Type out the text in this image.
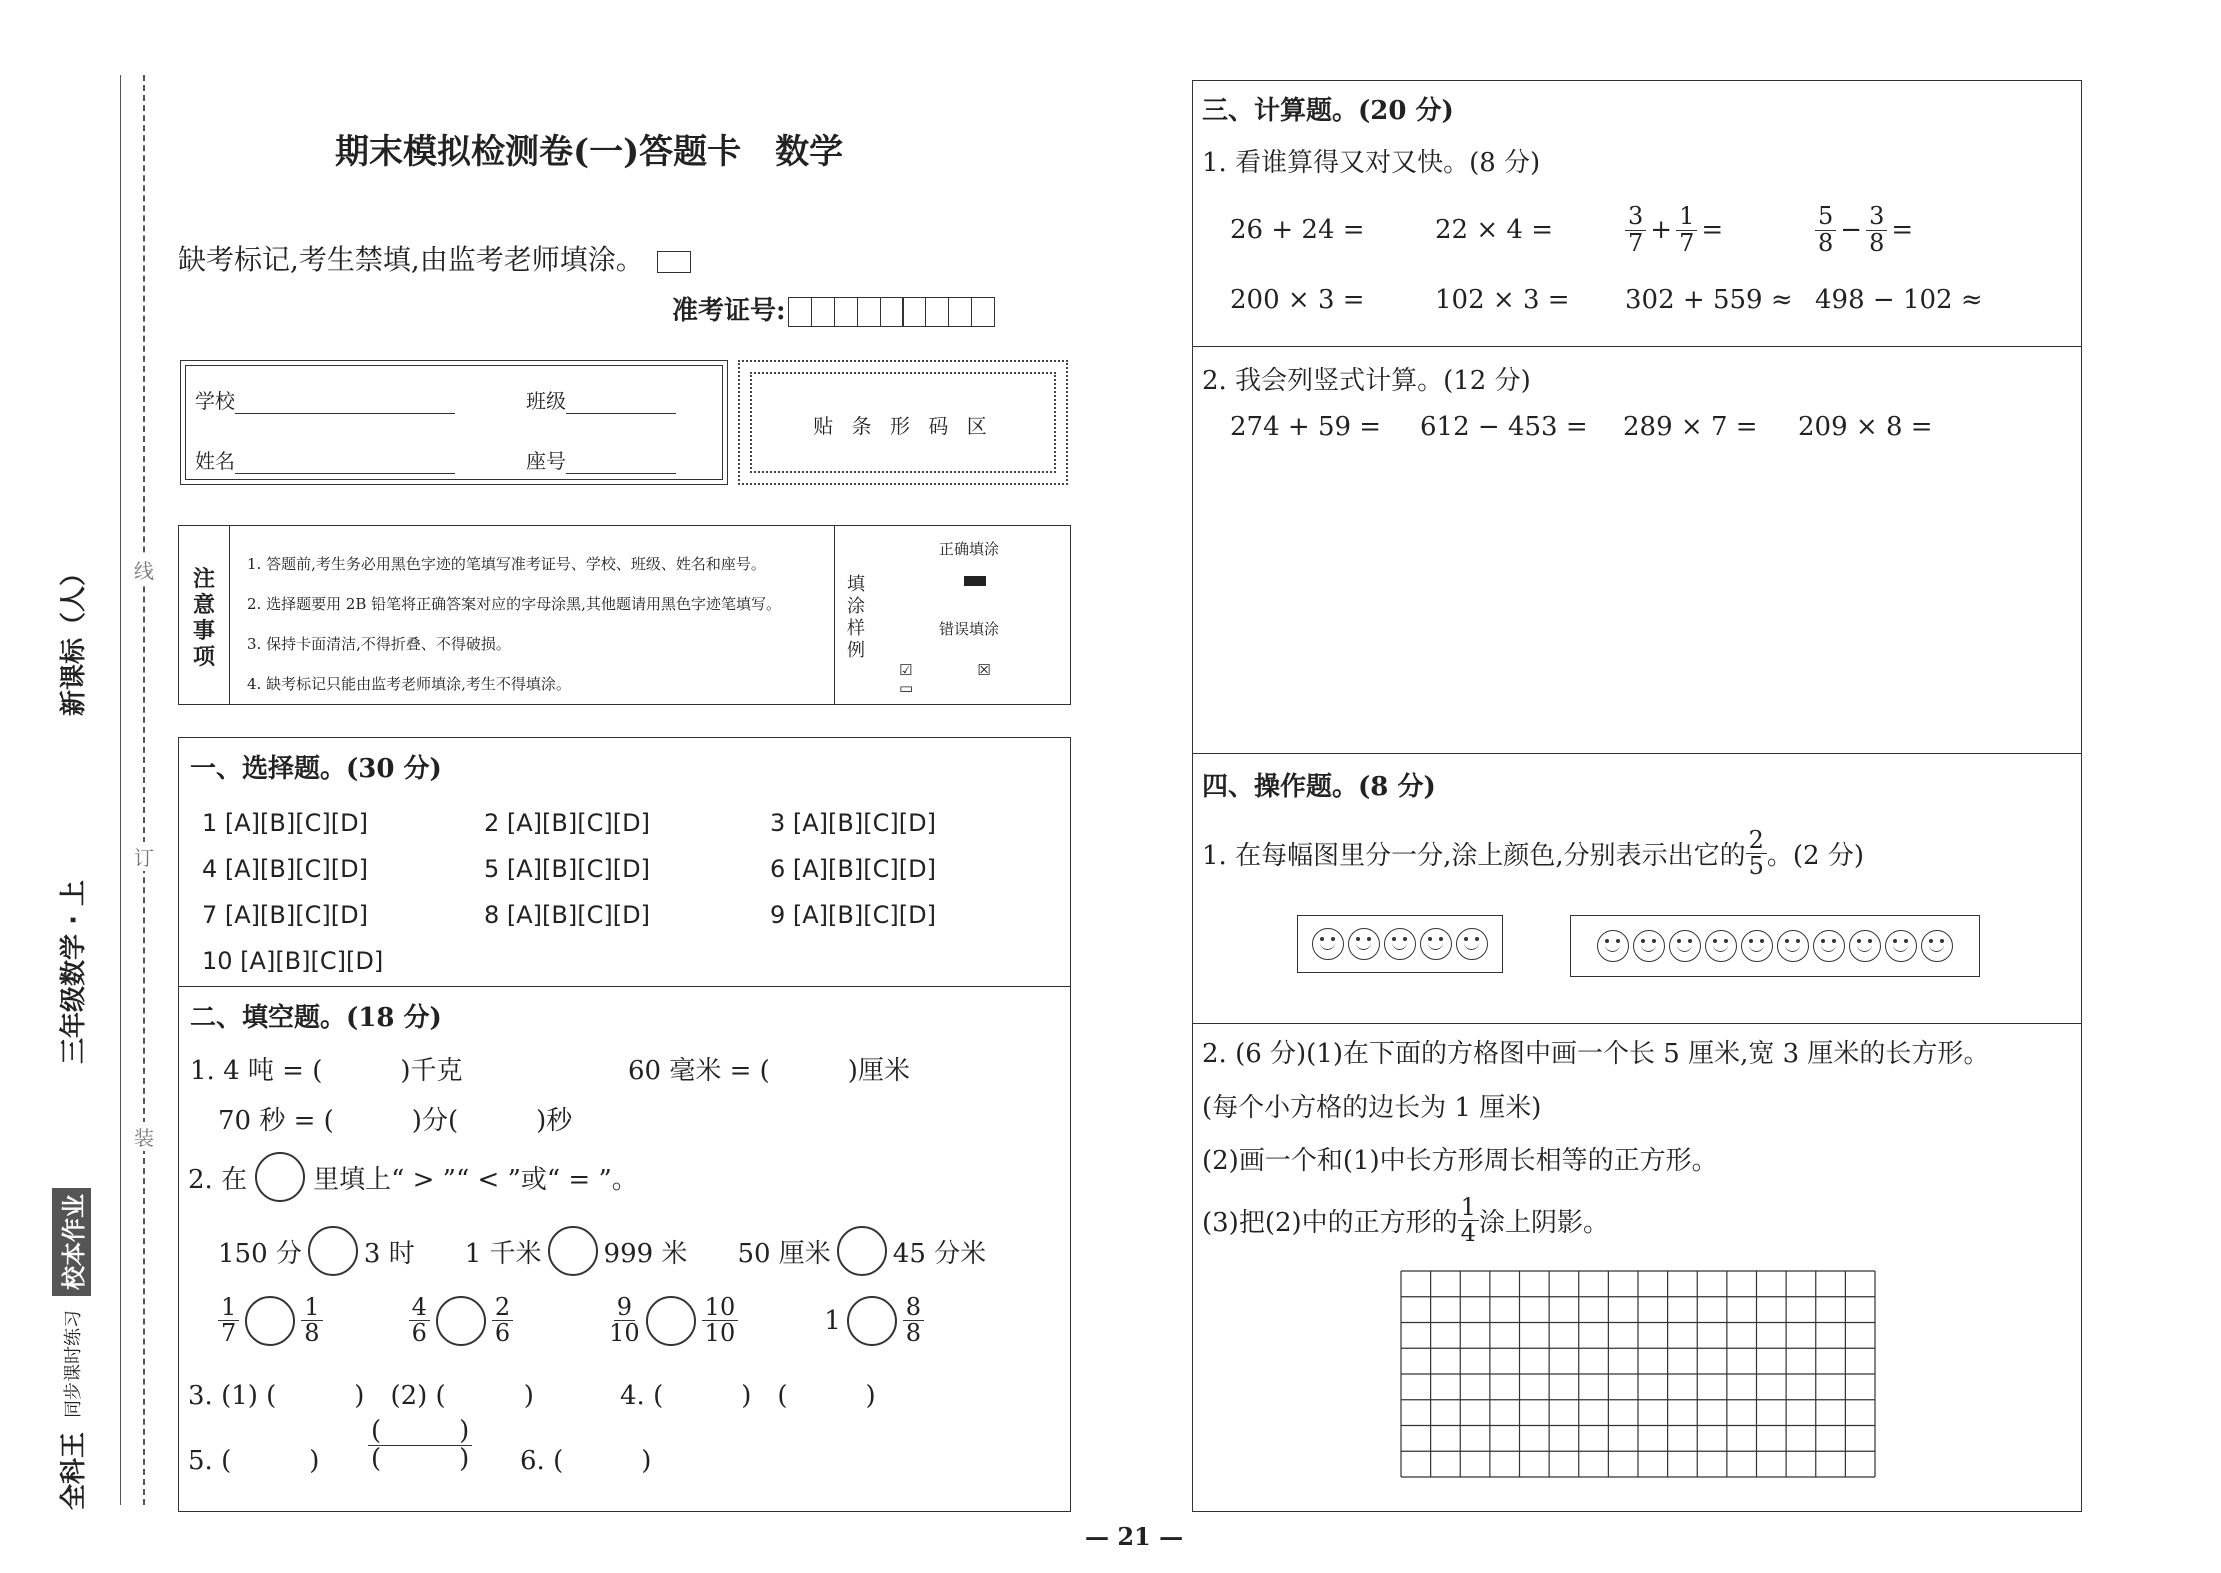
线
订
装
全科王
同步课时练习
校本作业
三年级数学 · 上
新课标（人）
期末模拟检测卷(一)答题卡　数学
缺考标记,考生禁填,由监考老师填涂。
准考证号:
学校	班级
姓名	座号
贴 条 形 码 区
注意事项
1. 答题前,考生务必用黑色字迹的笔填写准考证号、学校、班级、姓名和座号。
2. 选择题要用 2B 铅笔将正确答案对应的字母涂黑,其他题请用黑色字迹笔填写。
3. 保持卡面清洁,不得折叠、不得破损。
4. 缺考标记只能由监考老师填涂,考生不得填涂。
填涂样例
正确填涂
错误填涂
☑ ☒ ▭
一、选择题。(30 分)
1 [A][B][C][D]	2 [A][B][C][D]	3 [A][B][C][D]
4 [A][B][C][D]	5 [A][B][C][D]	6 [A][B][C][D]
7 [A][B][C][D]	8 [A][B][C][D]	9 [A][B][C][D]
10 [A][B][C][D]
二、填空题。(18 分)
1. 4 吨 = (　　　)千克	60 毫米 = (　　　)厘米
70 秒 = (　　　)分(　　　)秒
2. 在	里填上“ > ”“ < ”或“ = ”。
150 分 3 时 1 千米 999 米 50 厘米 45 分米
$\frac{1}{7}$	$\frac{1}{8}$	$\frac{4}{6}$	$\frac{2}{6}$	$\frac{9}{10}$	$\frac{10}{10}$	1	$\frac{8}{8}$
3. (1) (　　　)　(2) (　　　)	4. (　　　)　(　　　)
5. (　　　) $\frac{( )}{( )} 6$. (　　　)
三、计算题。(20 分)
1. 看谁算得又对又快。(8 分)
26 + 24 =	22 × 4 =	$\frac{3}{7} + \frac{1}{7}$ =	$\frac{5}{8} - \frac{3}{8}$ =
200 × 3 =	102 × 3 =	302 + 559 ≈ 498 − 102 ≈
2. 我会列竖式计算。(12 分)
274 + 59 =	612 − 453 =	289 × 7 =	209 × 8 =
四、操作题。(8 分)
1. 在每幅图里分一分,涂上颜色,分别表示出它的 $\frac{2}{5}$ 。(2 分)
2. (6 分)(1)在下面的方格图中画一个长 5 厘米,宽 3 厘米的长方形。
(每个小方格的边长为 1 厘米)
(2)画一个和(1)中长方形周长相等的正方形。
(3)把(2)中的正方形的 $\frac{1}{4}$ 涂上阴影。
— 21 —
